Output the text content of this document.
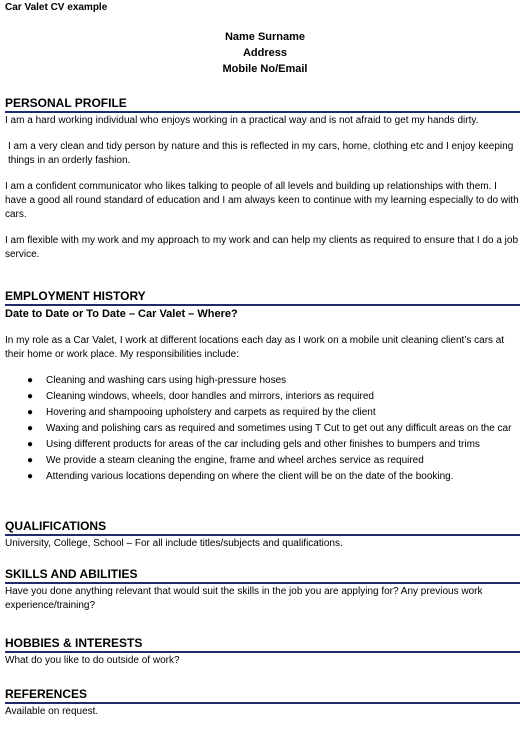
Car Valet CV example
Name Surname
Address
Mobile No/Email
PERSONAL PROFILE

I am a hard working individual who enjoys working in a practical way and is not afraid to get my hands dirty.

I am a very clean and tidy person by nature and this is reflected in my cars, home, clothing etc and I enjoy keeping things in an orderly fashion.

I am a confident communicator who likes talking to people of all levels and building up relationships with them. I have a good all round standard of education and I am always keen to continue with my learning especially to do with cars.

I am flexible with my work and my approach to my work and can help my clients as required to ensure that I do a job service.

EMPLOYMENT HISTORY
Date to Date or To Date – Car Valet – Where?

In my role as a Car Valet, I work at different locations each day as I work on a mobile unit cleaning client’s cars at their home or work place. My responsibilities include:

● Cleaning and washing cars using high-pressure hoses
● Cleaning windows, wheels, door handles and mirrors, interiors as required
● Hovering and shampooing upholstery and carpets as required by the client
● Waxing and polishing cars as required and sometimes using T Cut to get out any difficult areas on the car
● Using different products for areas of the car including gels and other finishes to bumpers and trims
● We provide a steam cleaning the engine, frame and wheel arches service as required
● Attending various locations depending on where the client will be on the date of the booking.
QUALIFICATIONS

University, College, School – For all include titles/subjects and qualifications.

SKILLS AND ABILITIES

Have you done anything relevant that would suit the skills in the job you are applying for? Any previous work experience/training?

HOBBIES & INTERESTS

What do you like to do outside of work?

REFERENCES

Available on request.
